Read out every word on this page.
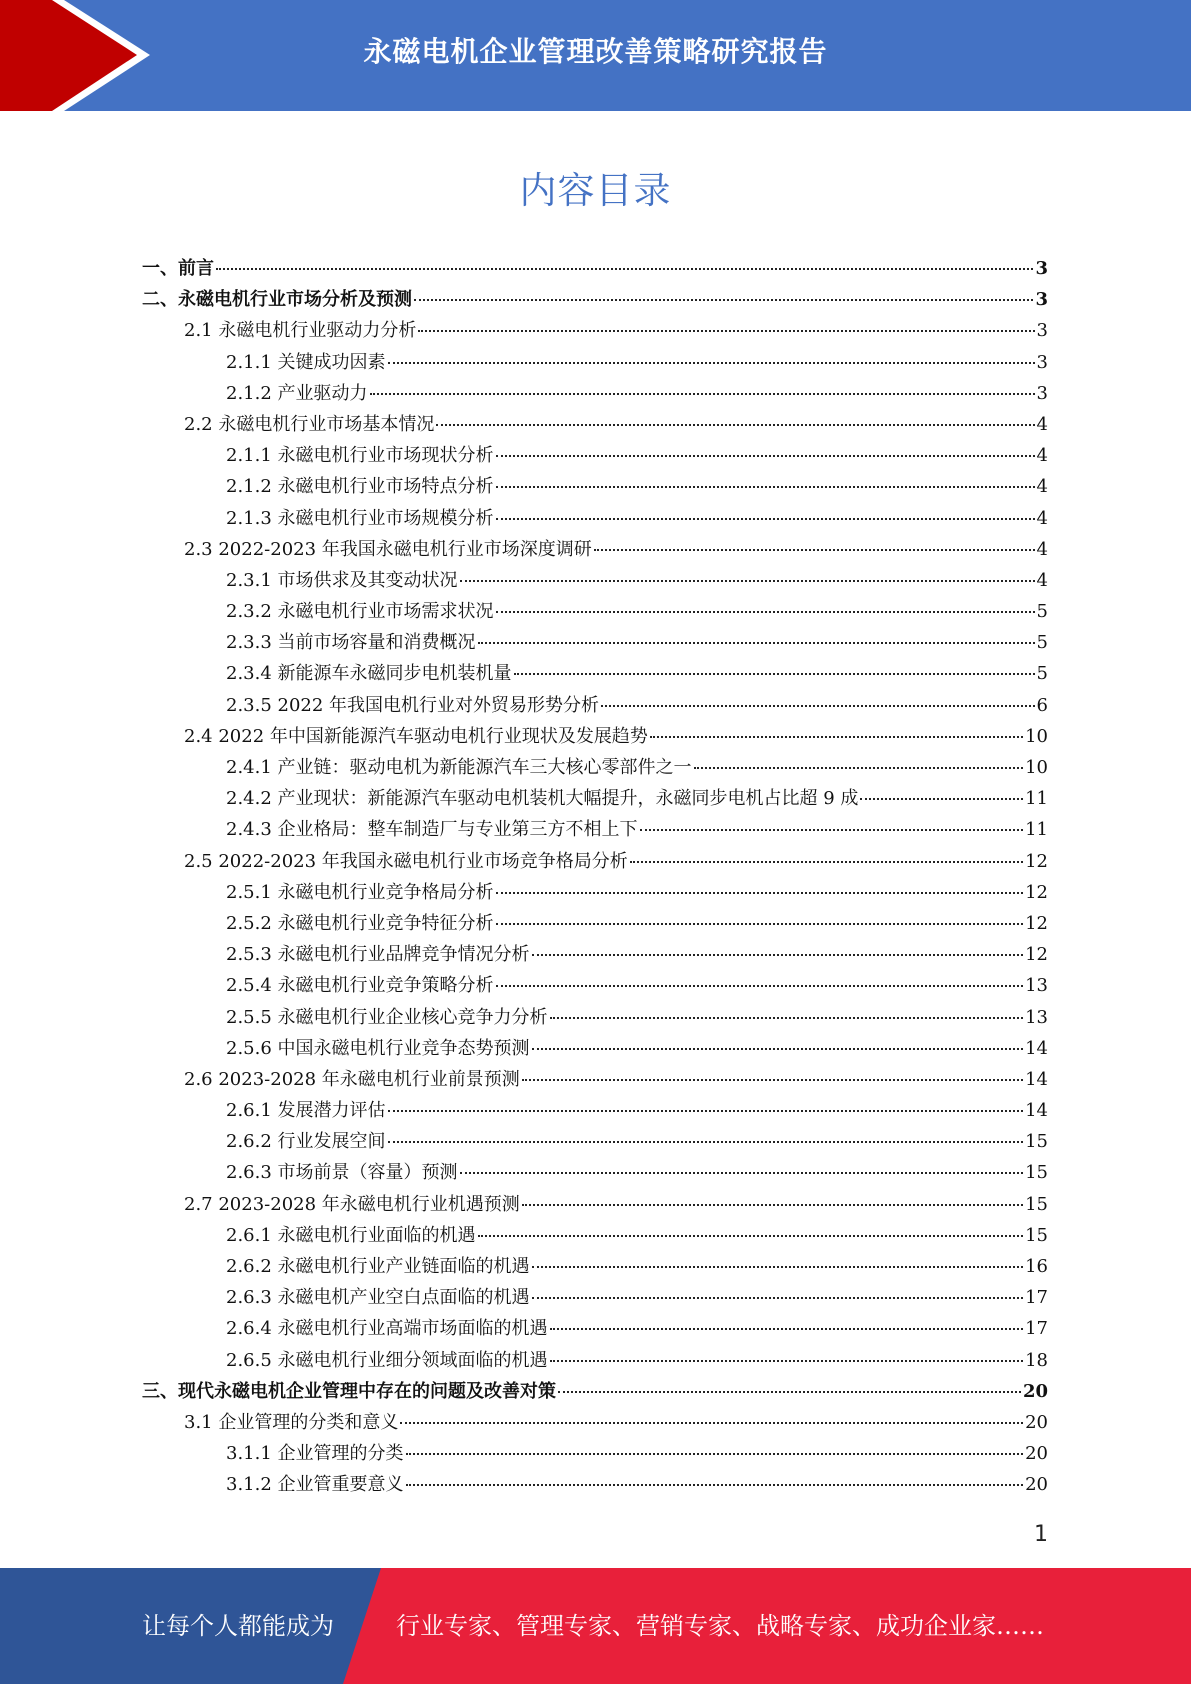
永磁电机企业管理改善策略研究报告
内容目录
一、前言	3
二、永磁电机行业市场分析及预测	3
2.1 永磁电机行业驱动力分析	3
2.1.1 关键成功因素	3
2.1.2 产业驱动力	3
2.2 永磁电机行业市场基本情况	4
2.1.1 永磁电机行业市场现状分析	4
2.1.2 永磁电机行业市场特点分析	4
2.1.3 永磁电机行业市场规模分析	4
2.3 2022-2023 年我国永磁电机行业市场深度调研	4
2.3.1 市场供求及其变动状况	4
2.3.2 永磁电机行业市场需求状况	5
2.3.3 当前市场容量和消费概况	5
2.3.4 新能源车永磁同步电机装机量	5
2.3.5 2022 年我国电机行业对外贸易形势分析	6
2.4 2022 年中国新能源汽车驱动电机行业现状及发展趋势	10
2.4.1 产业链：驱动电机为新能源汽车三大核心零部件之一	10
2.4.2 产业现状：新能源汽车驱动电机装机大幅提升，永磁同步电机占比超 9 成	11
2.4.3 企业格局：整车制造厂与专业第三方不相上下	11
2.5 2022-2023 年我国永磁电机行业市场竞争格局分析	12
2.5.1 永磁电机行业竞争格局分析	12
2.5.2 永磁电机行业竞争特征分析	12
2.5.3 永磁电机行业品牌竞争情况分析	12
2.5.4 永磁电机行业竞争策略分析	13
2.5.5 永磁电机行业企业核心竞争力分析	13
2.5.6 中国永磁电机行业竞争态势预测	14
2.6 2023-2028 年永磁电机行业前景预测	14
2.6.1 发展潜力评估	14
2.6.2 行业发展空间	15
2.6.3 市场前景（容量）预测	15
2.7 2023-2028 年永磁电机行业机遇预测	15
2.6.1 永磁电机行业面临的机遇	15
2.6.2 永磁电机行业产业链面临的机遇	16
2.6.3 永磁电机产业空白点面临的机遇	17
2.6.4 永磁电机行业高端市场面临的机遇	17
2.6.5 永磁电机行业细分领域面临的机遇	18
三、现代永磁电机企业管理中存在的问题及改善对策	20
3.1 企业管理的分类和意义	20
3.1.1 企业管理的分类	20
3.1.2 企业管重要意义	20
1
让每个人都能成为	行业专家、管理专家、营销专家、战略专家、成功企业家……
